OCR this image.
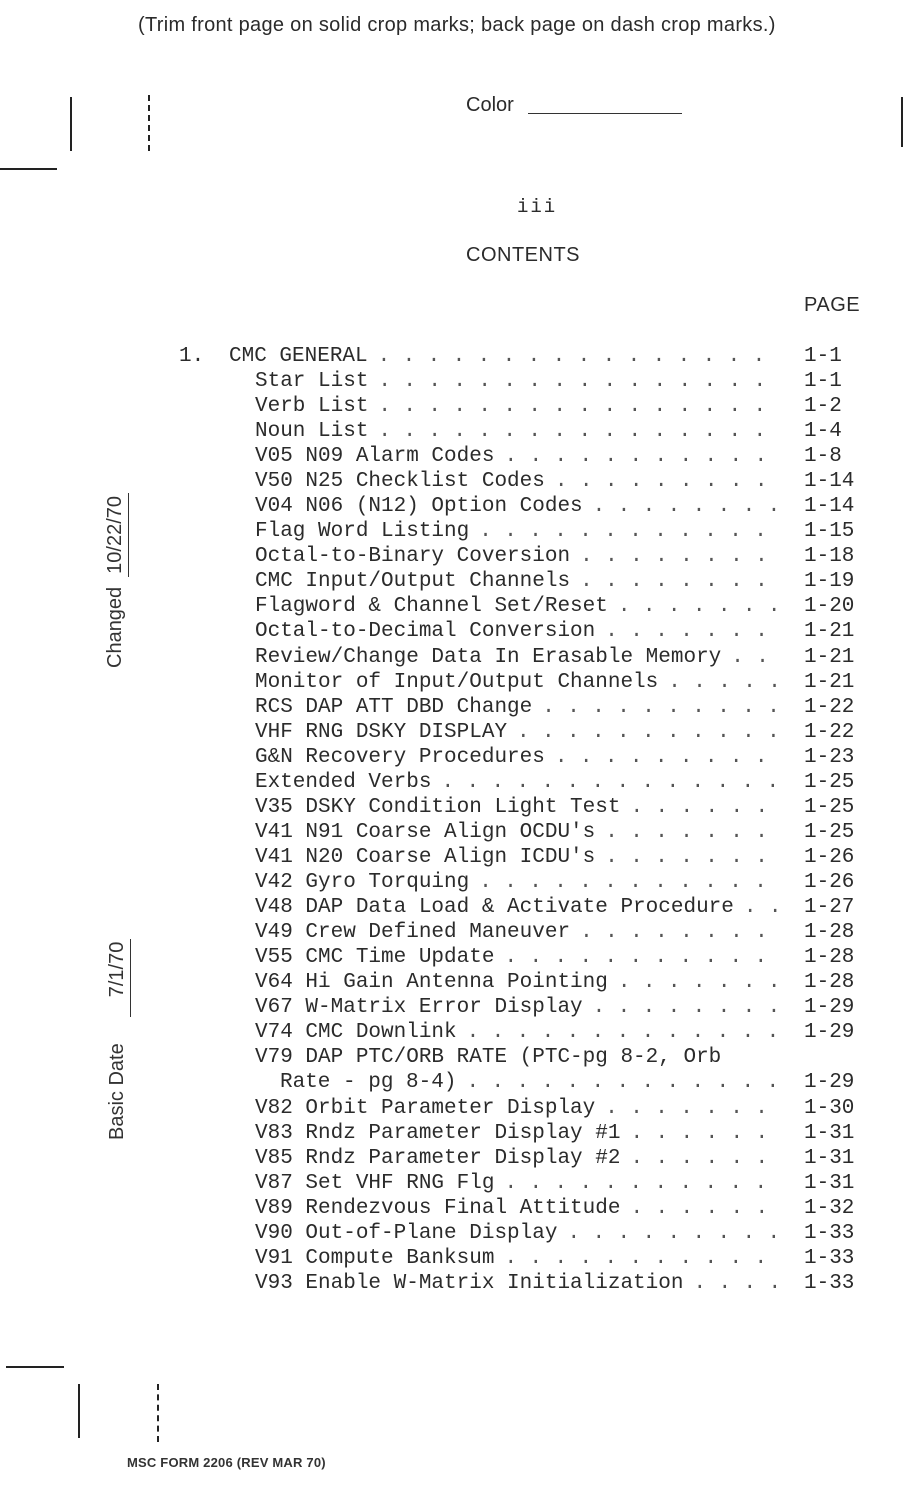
(Trim front page on solid crop marks; back page on dash crop marks.)
Color
iii
CONTENTS
PAGE
Changed10/22/70
Basic Date7/1/70
1. CMC GENERAL ................ 1-1
Star List ................ 1-1
Verb List ................ 1-2
Noun List ................ 1-4
V05 N09 Alarm Codes ........... 1-8
V50 N25 Checklist Codes ......... 1-14
V04 N06 (N12) Option Codes ........ 1-14
Flag Word Listing ............ 1-15
Octal-to-Binary Coversion ........ 1-18
CMC Input/Output Channels ........ 1-19
Flagword & Channel Set/Reset ....... 1-20
Octal-to-Decimal Conversion ....... 1-21
Review/Change Data In Erasable Memory .. 1-21
Monitor of Input/Output Channels ..... 1-21
RCS DAP ATT DBD Change .......... 1-22
VHF RNG DSKY DISPLAY ........... 1-22
G&N Recovery Procedures ......... 1-23
Extended Verbs .............. 1-25
V35 DSKY Condition Light Test ...... 1-25
V41 N91 Coarse Align OCDU's ....... 1-25
V41 N20 Coarse Align ICDU's ....... 1-26
V42 Gyro Torquing ............ 1-26
V48 DAP Data Load & Activate Procedure .. 1-27
V49 Crew Defined Maneuver ........ 1-28
V55 CMC Time Update ........... 1-28
V64 Hi Gain Antenna Pointing ....... 1-28
V67 W-Matrix Error Display ........ 1-29
V74 CMC Downlink ............. 1-29
V79 DAP PTC/ORB RATE (PTC-pg 8-2, Orb
Rate - pg 8-4) ............. 1-29
V82 Orbit Parameter Display ....... 1-30
V83 Rndz Parameter Display #1 ...... 1-31
V85 Rndz Parameter Display #2 ...... 1-31
V87 Set VHF RNG Flg ........... 1-31
V89 Rendezvous Final Attitude ...... 1-32
V90 Out-of-Plane Display ......... 1-33
V91 Compute Banksum ........... 1-33
V93 Enable W-Matrix Initialization .... 1-33
MSC FORM 2206 (REV MAR 70)
